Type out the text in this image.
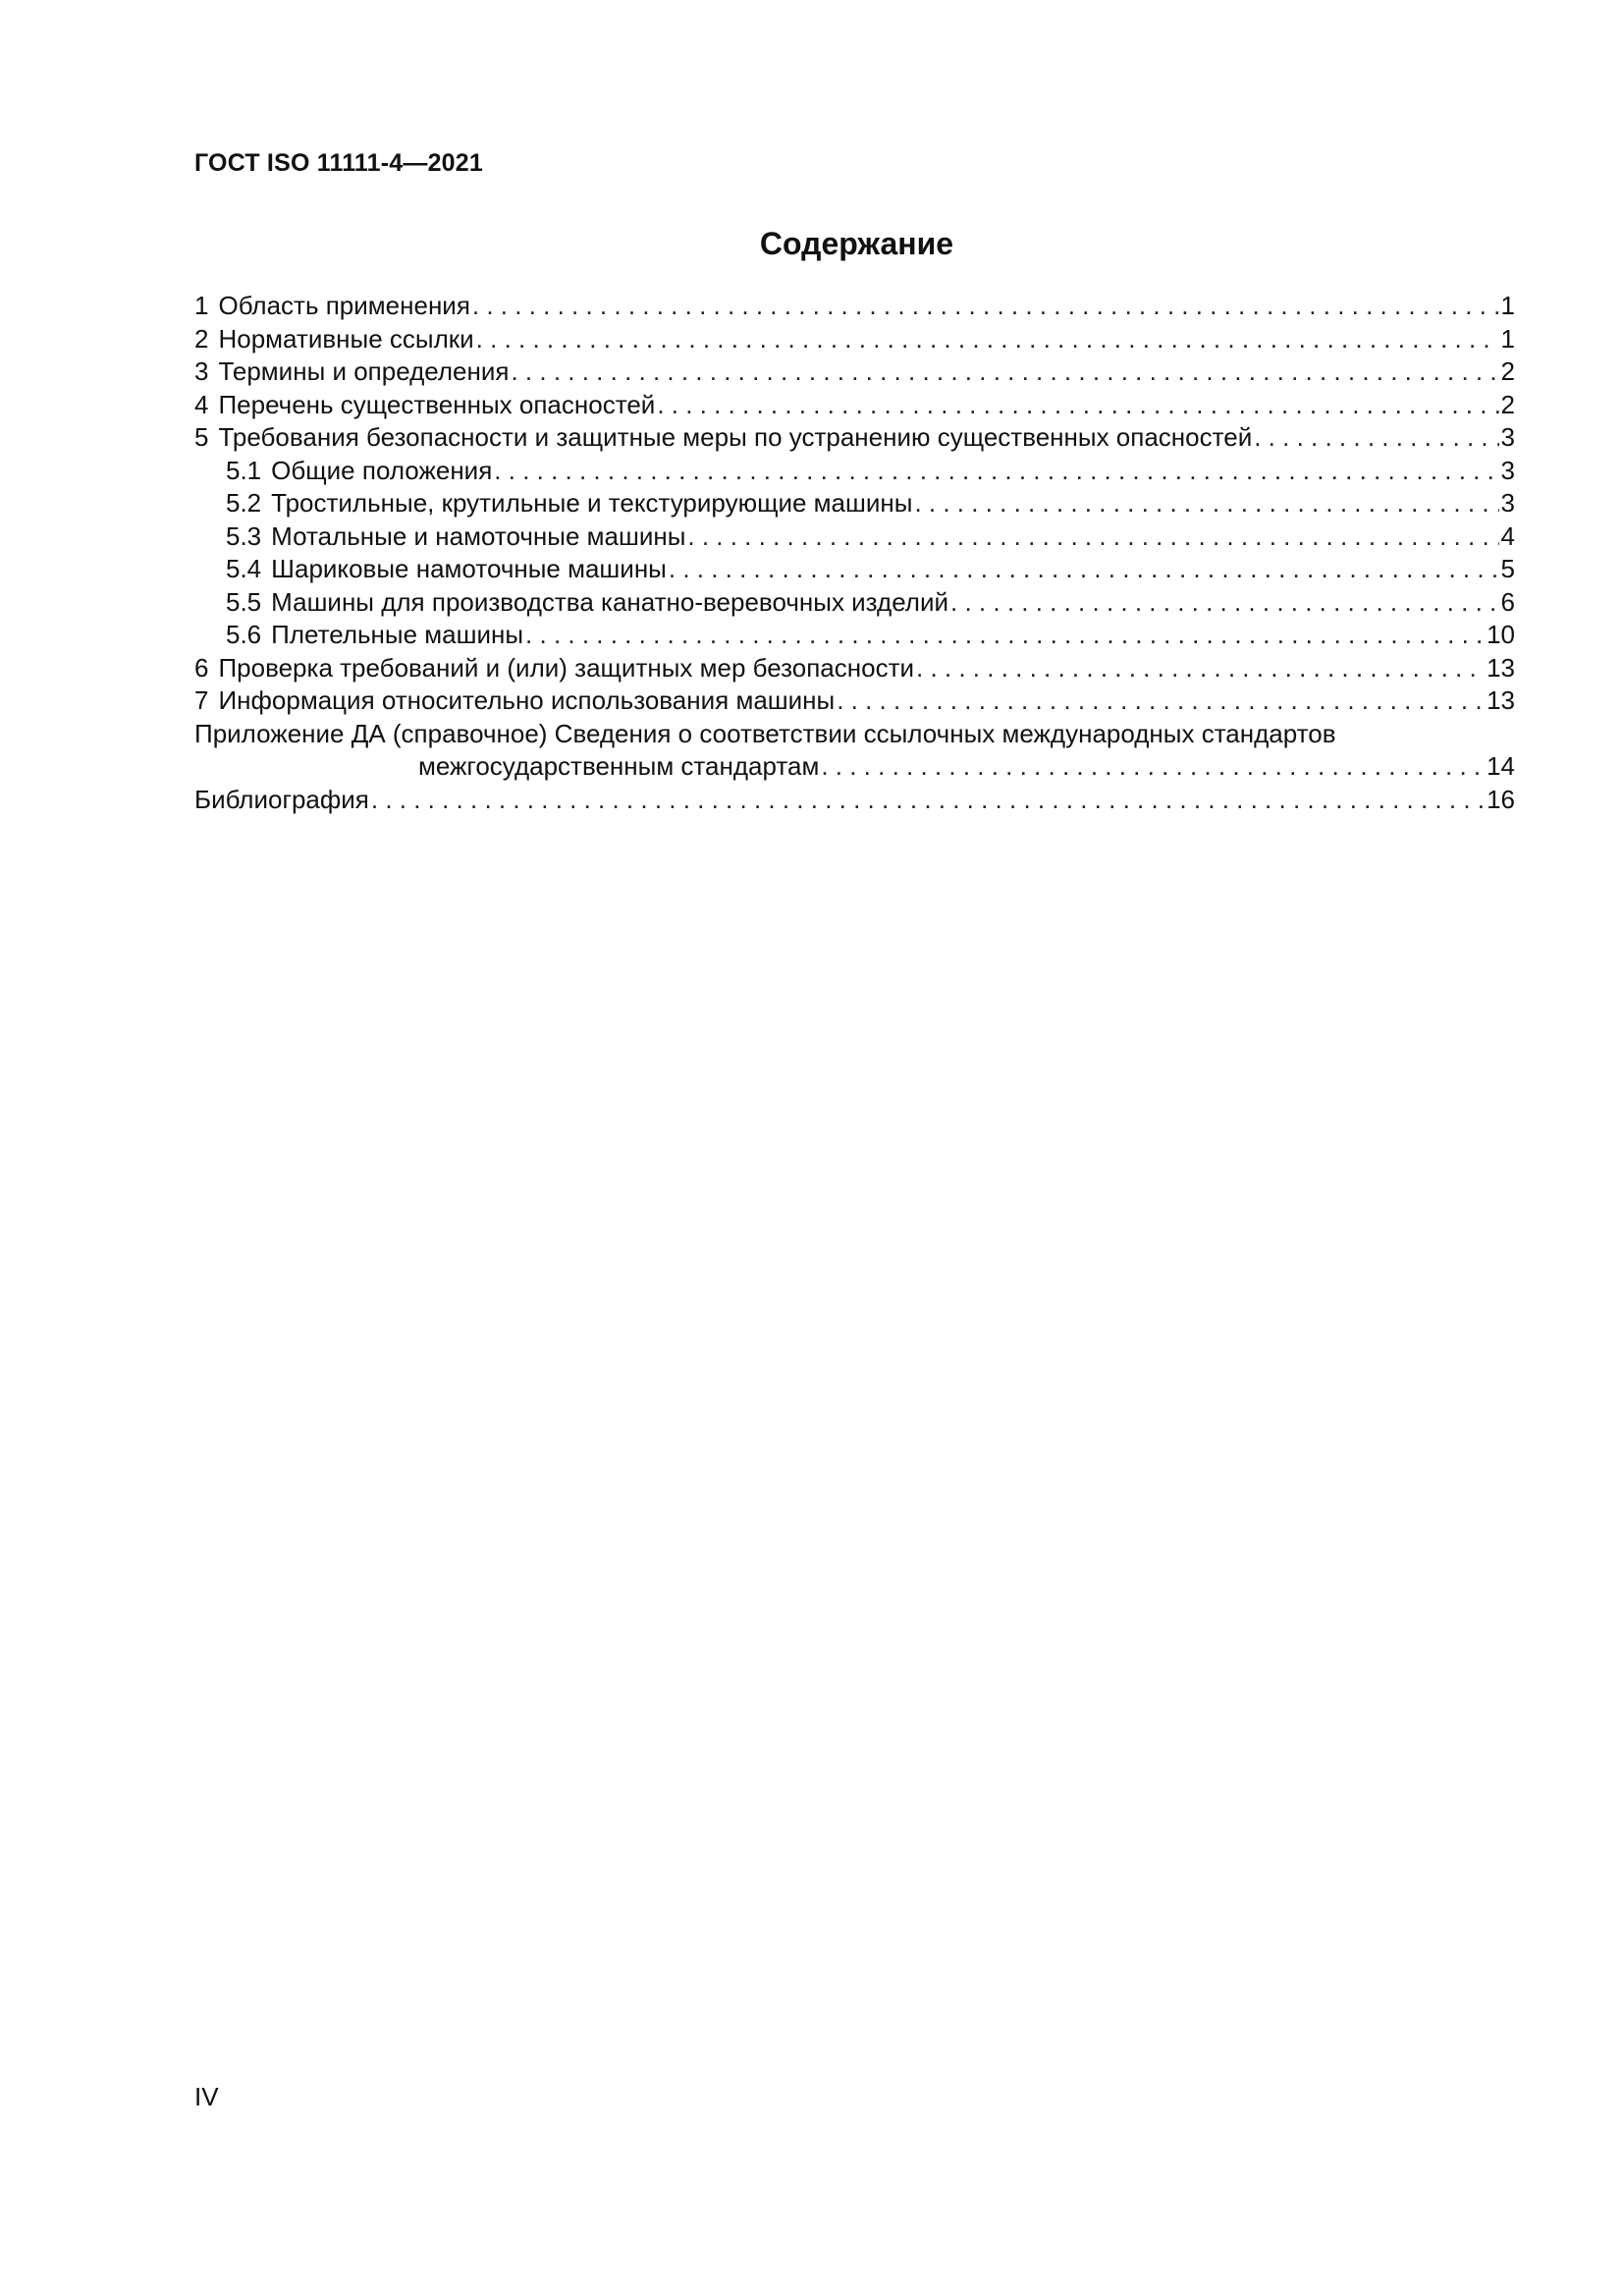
ГОСТ ISO 11111-4—2021
Содержание
1 Область применения . . .	1
2 Нормативные ссылки . . .	1
3 Термины и определения . . .	2
4 Перечень существенных опасностей . . .	2
5 Требования безопасности и защитные меры по устранению существенных опасностей . . .	3
5.1 Общие положения . . .	3
5.2 Тростильные, крутильные и текстурирующие машины . . .	3
5.3 Мотальные и намоточные машины . . .	4
5.4 Шариковые намоточные машины . . .	5
5.5 Машины для производства канатно-веревочных изделий . . .	6
5.6 Плетельные машины . . .	10
6 Проверка требований и (или) защитных мер безопасности . . .	13
7 Информация относительно использования машины . . .	13
Приложение ДА (справочное) Сведения о соответствии ссылочных международных стандартов
межгосударственным стандартам . . .	14
Библиография . . .	16
IV
